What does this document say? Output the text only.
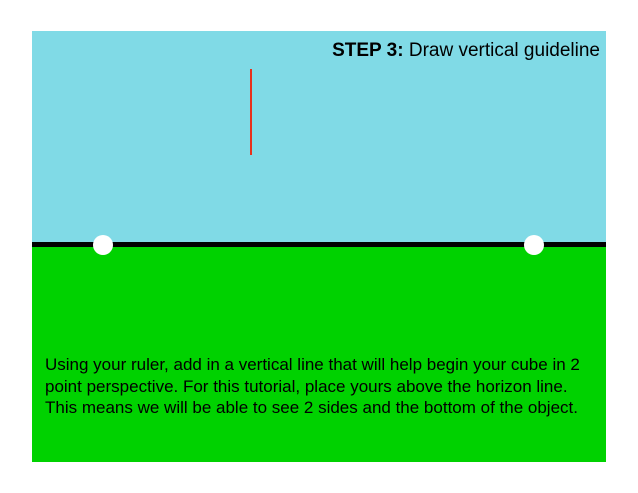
STEP 3: Draw vertical guideline
Using your ruler, add in a vertical line that will help begin your cube in 2 point perspective. For this tutorial, place yours above the horizon line. This means we will be able to see 2 sides and the bottom of the object.
